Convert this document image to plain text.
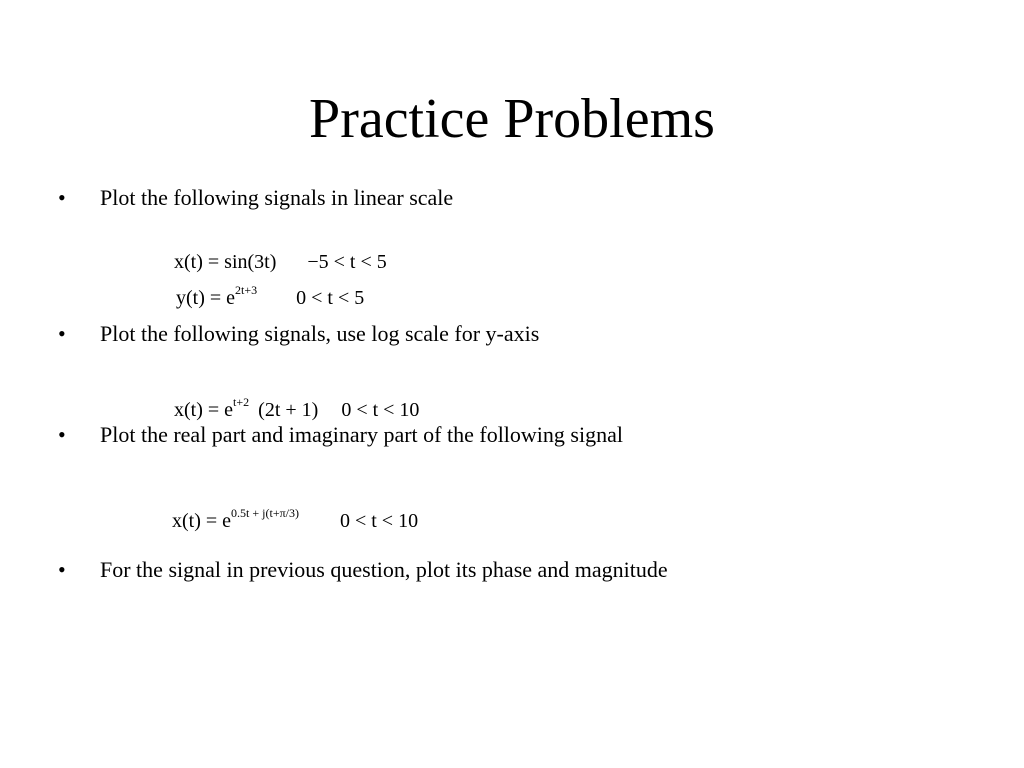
Practice Problems
• Plot the following signals in linear scale
x(t) = sin(3t) −5 < t < 5
$y(t) = e^{2t+3}$ 0 < t < 5
• Plot the following signals, use log scale for y-axis
$x(t) = e^{t+2}$ (2t + 1) 0 < t < 10
• Plot the real part and imaginary part of the following signal
$x(t) = e^{0.5t + j(t+\pi/3)}$ 0 < t < 10
• For the signal in previous question, plot its phase and magnitude
